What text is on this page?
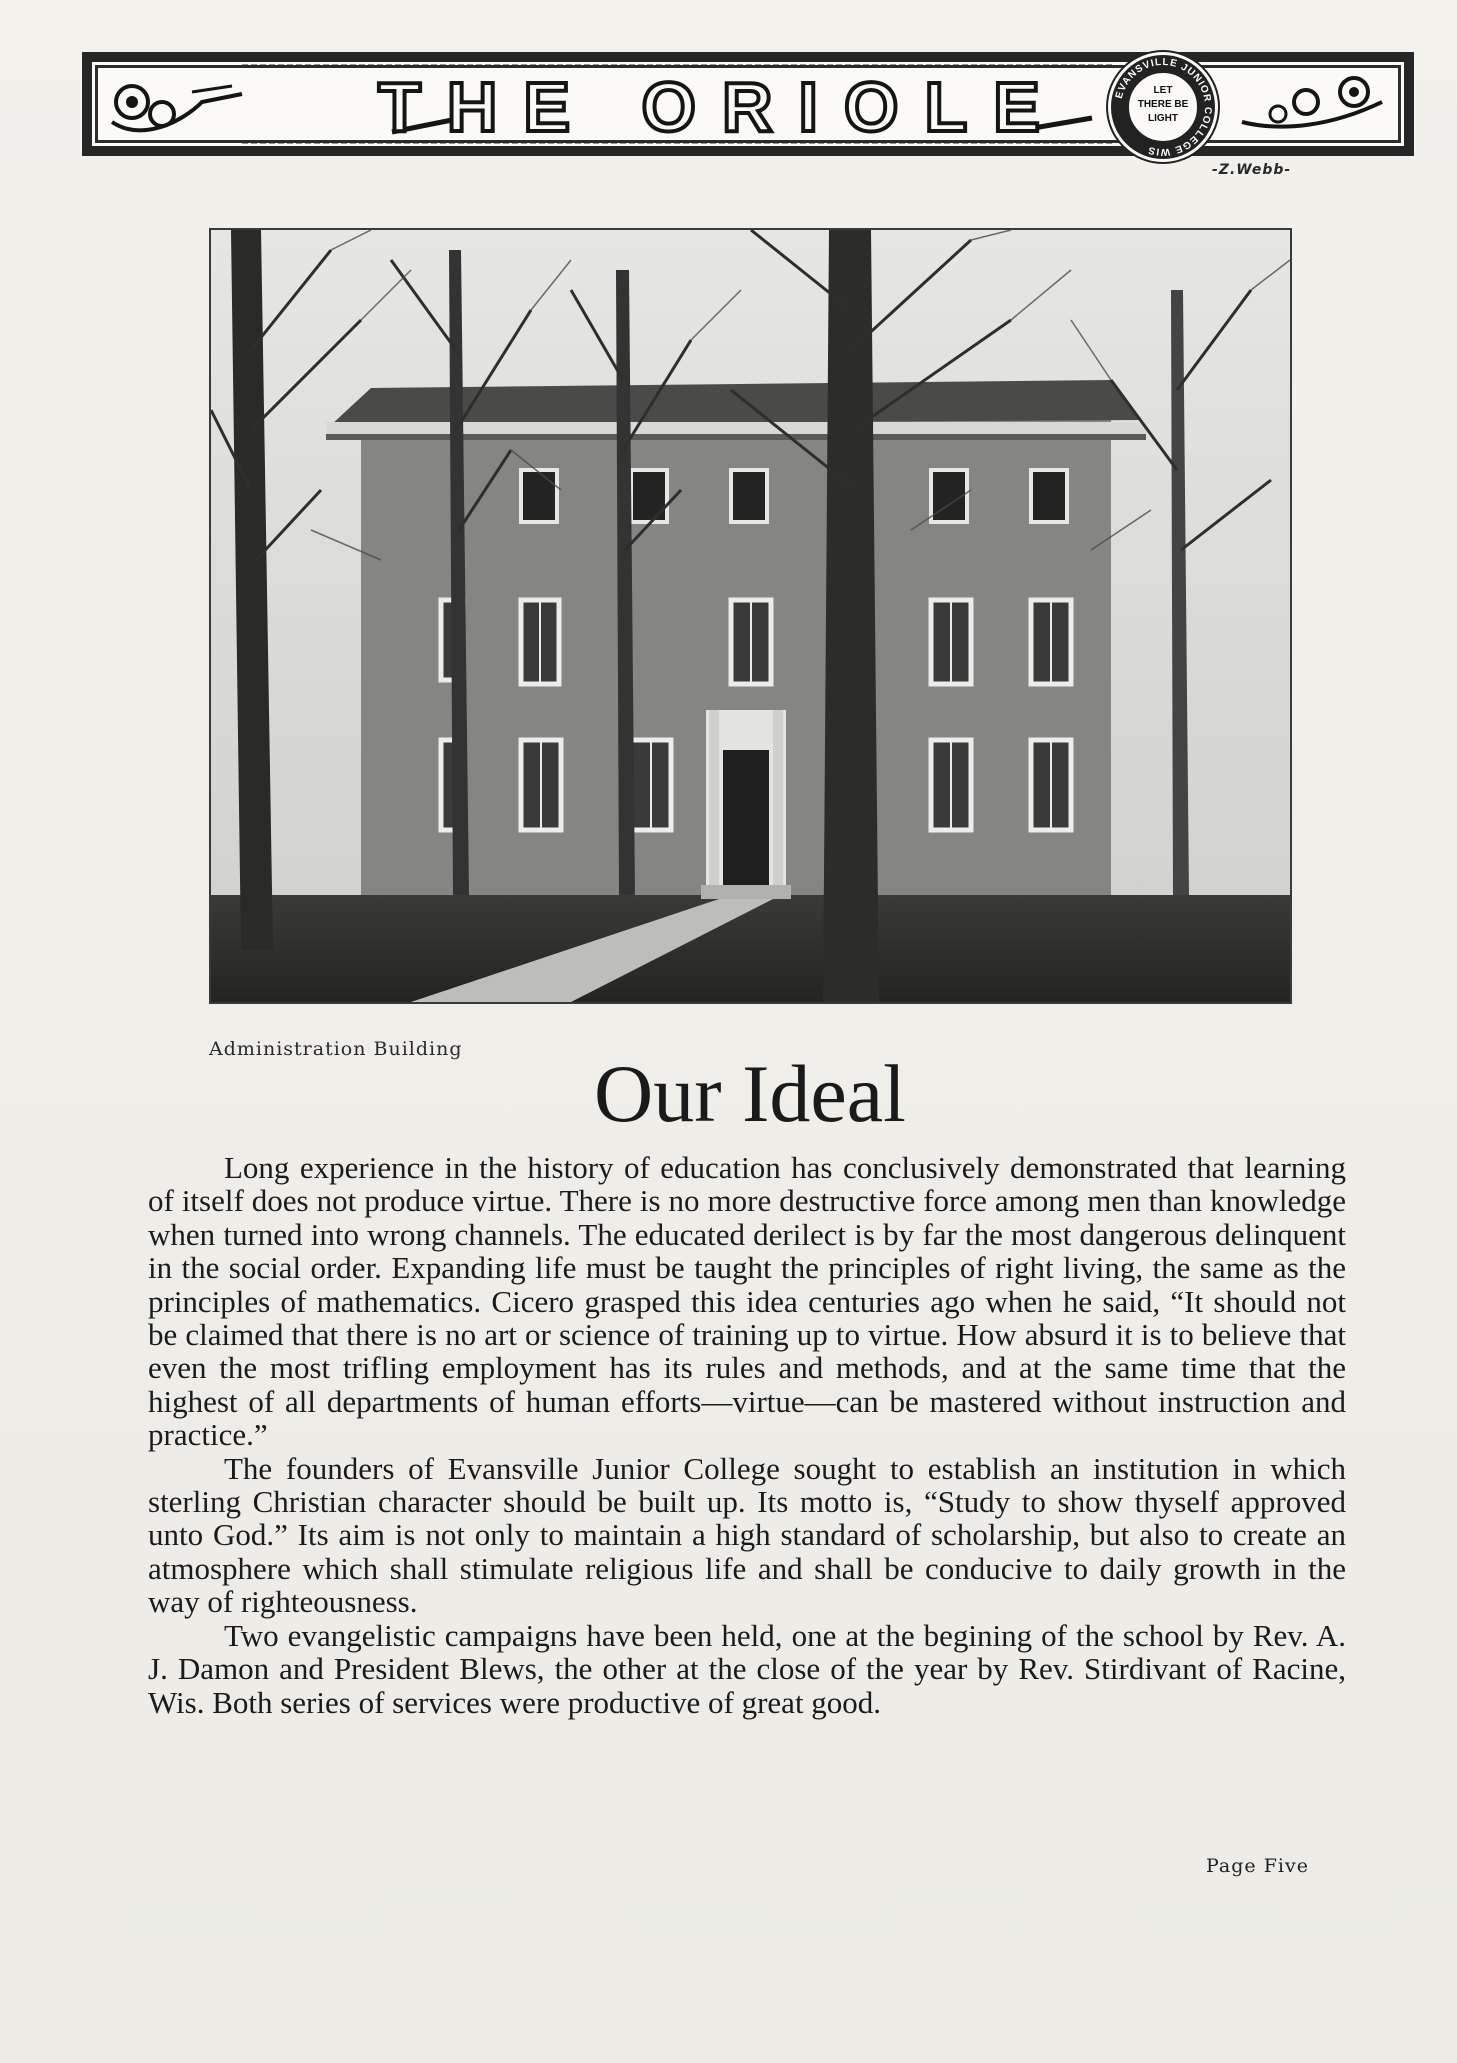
THE ORIOLE	EVANSVILLE JUNIOR COLLEGE WIS
LET
THERE BE
LIGHT
-Z.Webb-
Administration Building	Our Ideal

Long experience in the history of education has conclusively demonstrated that learning of itself does not produce virtue. There is no more destructive force among men than knowledge when turned into wrong channels. The educated derilect is by far the most dangerous delinquent in the social order. Expanding life must be taught the principles of right living, the same as the principles of mathematics. Cicero grasped this idea centuries ago when he said, “It should not be claimed that there is no art or science of training up to virtue. How absurd it is to believe that even the most trifling employment has its rules and methods, and at the same time that the highest of all departments of human efforts—virtue—can be mastered without instruction and practice.”

The founders of Evansville Junior College sought to establish an institution in which sterling Christian character should be built up. Its motto is, “Study to show thyself approved unto God.” Its aim is not only to maintain a high standard of scholarship, but also to create an atmosphere which shall stimulate religious life and shall be conducive to daily growth in the way of righteousness.

Two evangelistic campaigns have been held, one at the begining of the school by Rev. A. J. Damon and President Blews, the other at the close of the year by Rev. Stirdivant of Racine, Wis. Both series of services were productive of great good.

Page Five
